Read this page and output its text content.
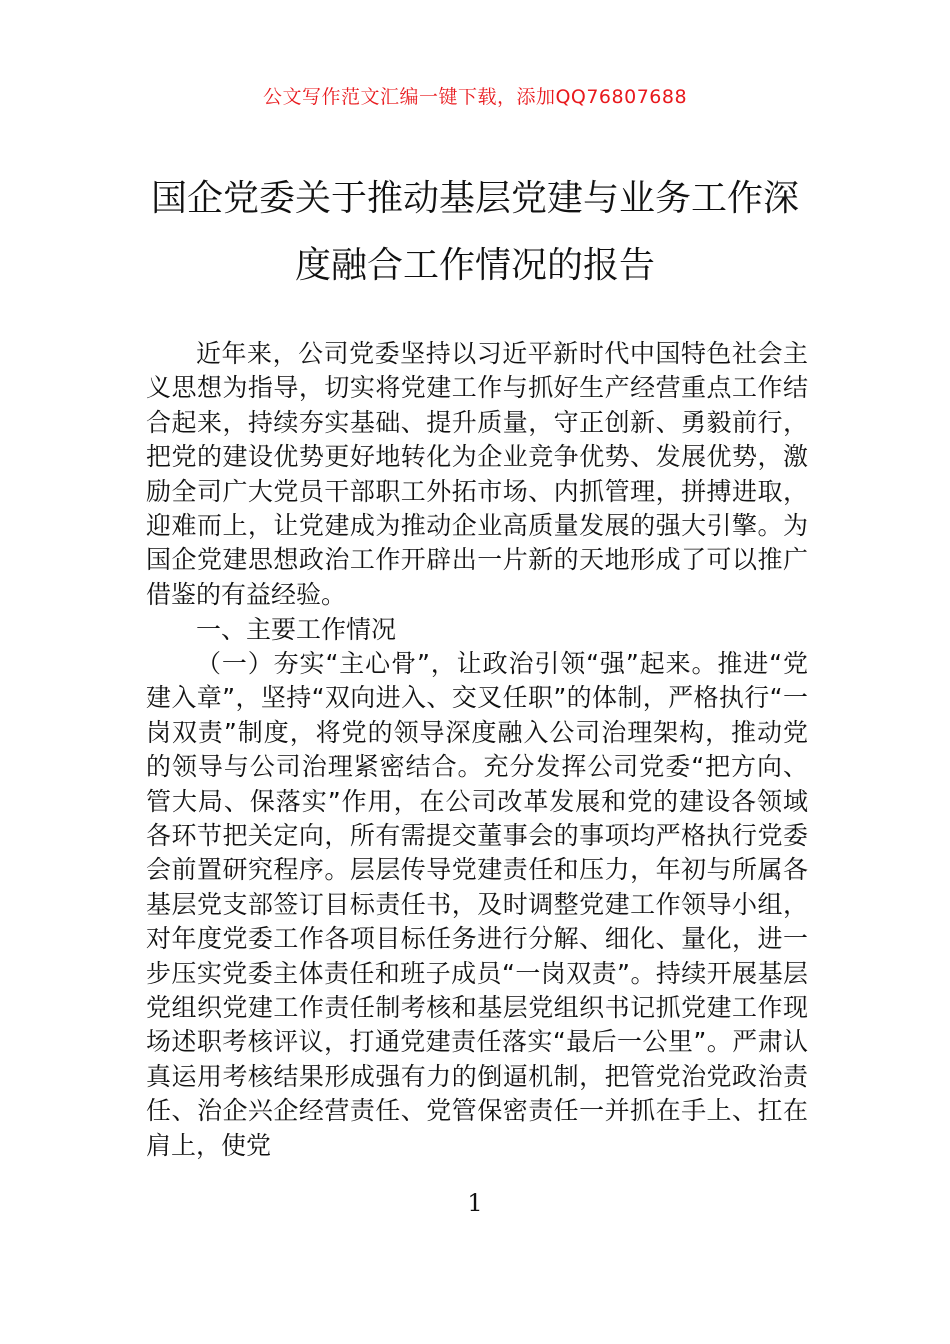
公文写作范文汇编一键下载，添加QQ76807688
国企党委关于推动基层党建与业务工作深
度融合工作情况的报告

近年来，公司党委坚持以习近平新时代中国特色社会主义思想为指导，切实将党建工作与抓好生产经营重点工作结合起来，持续夯实基础、提升质量，守正创新、勇毅前行，把党的建设优势更好地转化为企业竞争优势、发展优势，激励全司广大党员干部职工外拓市场、内抓管理，拼搏进取，迎难而上，让党建成为推动企业高质量发展的强大引擎。为国企党建思想政治工作开辟出一片新的天地形成了可以推广借鉴的有益经验。

一、主要工作情况

（一）夯实“主心骨”，让政治引领“强”起来。推进“党建入章”，坚持“双向进入、交叉任职”的体制，严格执行“一岗双责”制度，将党的领导深度融入公司治理架构，推动党的领导与公司治理紧密结合。充分发挥公司党委“把方向、管大局、保落实”作用，在公司改革发展和党的建设各领域各环节把关定向，所有需提交董事会的事项均严格执行党委会前置研究程序。层层传导党建责任和压力，年初与所属各基层党支部签订目标责任书，及时调整党建工作领导小组，对年度党委工作各项目标任务进行分解、细化、量化，进一步压实党委主体责任和班子成员“一岗双责”。持续开展基层党组织党建工作责任制考核和基层党组织书记抓党建工作现场述职考核评议，打通党建责任落实“最后一公里”。严肃认真运用考核结果形成强有力的倒逼机制，把管党治党政治责任、治企兴企经营责任、党管保密责任一并抓在手上、扛在肩上，使党

1
